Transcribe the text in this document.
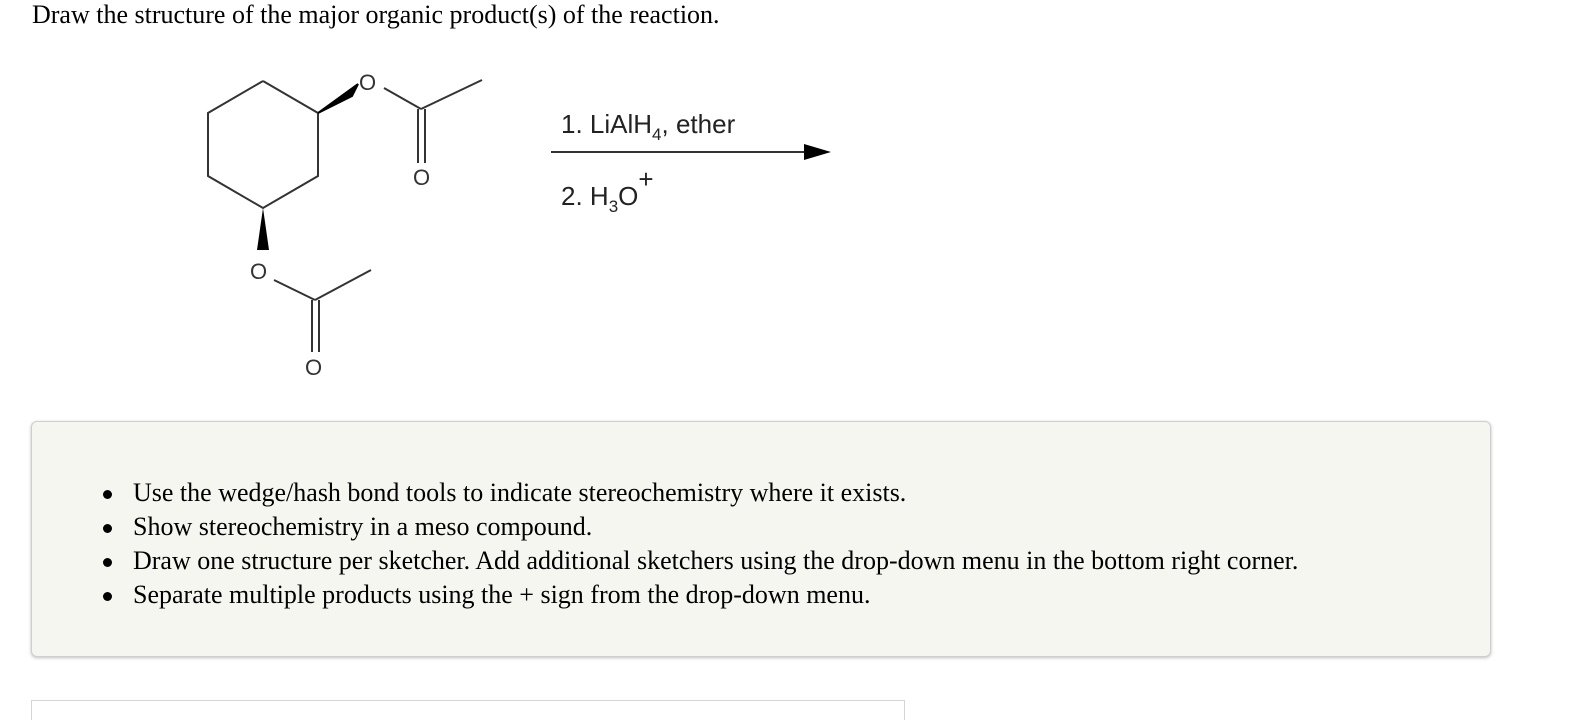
Draw the structure of the major organic product(s) of the reaction.
O
O
O
O
1. LiAlH$_4$, ether
2. $H_3O+$
Use the wedge/hash bond tools to indicate stereochemistry where it exists.
Show stereochemistry in a meso compound.
Draw one structure per sketcher. Add additional sketchers using the drop-down menu in the bottom right corner.
Separate multiple products using the + sign from the drop-down menu.
